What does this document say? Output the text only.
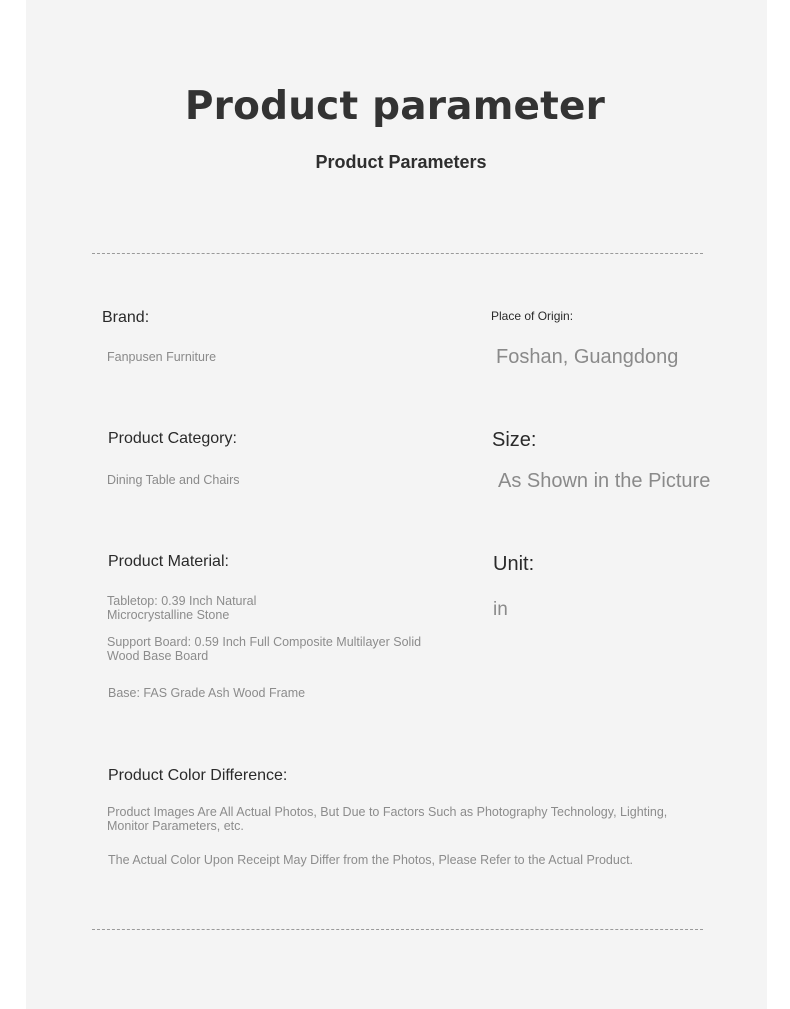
Product parameter
Product Parameters
Brand:
Fanpusen Furniture
Place of Origin:
Foshan, Guangdong
Product Category:
Dining Table and Chairs
Size:
As Shown in the Picture
Product Material:
Tabletop: 0.39 Inch Natural
Microcrystalline Stone
Support Board: 0.59 Inch Full Composite Multilayer Solid
Wood Base Board
Base: FAS Grade Ash Wood Frame
Unit:
in
Product Color Difference:
Product Images Are All Actual Photos, But Due to Factors Such as Photography Technology, Lighting,
Monitor Parameters, etc.
The Actual Color Upon Receipt May Differ from the Photos, Please Refer to the Actual Product.
